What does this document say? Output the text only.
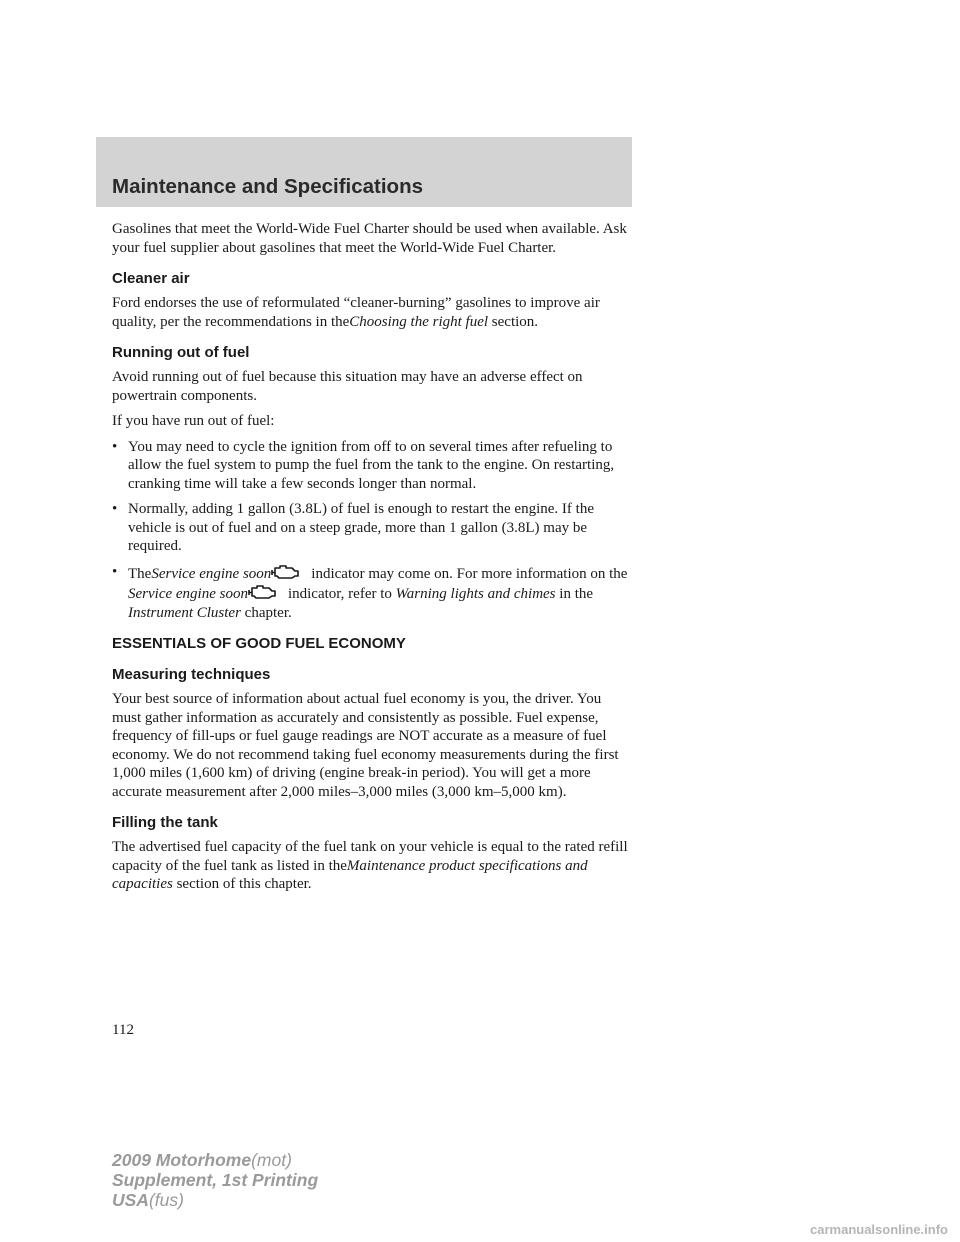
Maintenance and Specifications

Gasolines that meet the World-Wide Fuel Charter should be used when available. Ask your fuel supplier about gasolines that meet the World-Wide Fuel Charter.

Cleaner air

Ford endorses the use of reformulated “cleaner-burning” gasolines to improve air quality, per the recommendations in theChoosing the right fuel section.

Running out of fuel

Avoid running out of fuel because this situation may have an adverse effect on powertrain components.

If you have run out of fuel:

• You may need to cycle the ignition from off to on several times after refueling to allow the fuel system to pump the fuel from the tank to the engine. On restarting, cranking time will take a few seconds longer than normal.
• Normally, adding 1 gallon (3.8L) of fuel is enough to restart the engine. If the vehicle is out of fuel and on a steep grade, more than 1 gallon (3.8L) may be required.
• TheService engine soon	indicator may come on. For more information on the Service engine soon	indicator, refer to Warning lights and chimes in the Instrument Cluster chapter.
ESSENTIALS OF GOOD FUEL ECONOMY
Measuring techniques

Your best source of information about actual fuel economy is you, the driver. You must gather information as accurately and consistently as possible. Fuel expense, frequency of fill-ups or fuel gauge readings are NOT accurate as a measure of fuel economy. We do not recommend taking fuel economy measurements during the first 1,000 miles (1,600 km) of driving (engine break-in period). You will get a more accurate measurement after 2,000 miles–3,000 miles (3,000 km–5,000 km).

Filling the tank

The advertised fuel capacity of the fuel tank on your vehicle is equal to the rated refill capacity of the fuel tank as listed in theMaintenance product specifications and capacities section of this chapter.

112
2009 Motorhome(mot)
Supplement, 1st Printing
USA(fus)
carmanualsonline.info
